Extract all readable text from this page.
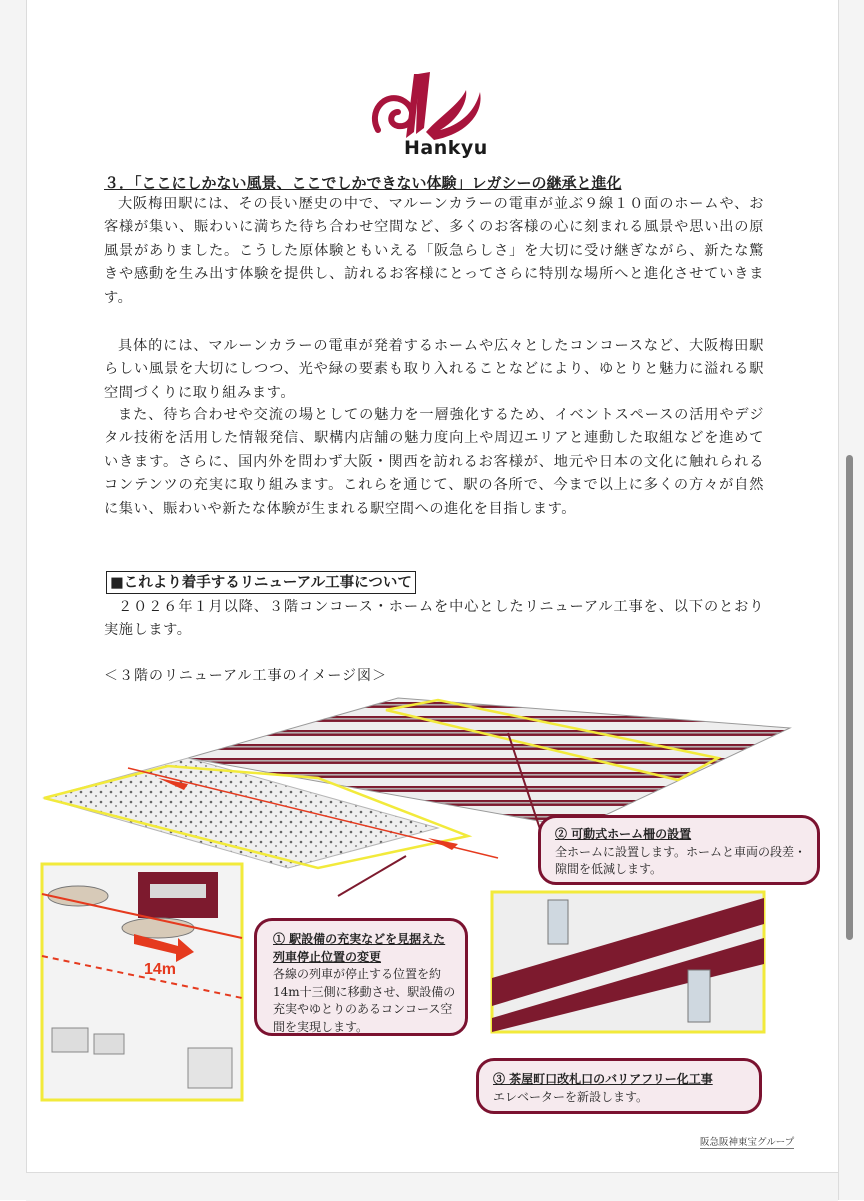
Hankyu
３．「ここにしかない風景、ここでしかできない体験」レガシーの継承と進化
大阪梅田駅には、その長い歴史の中で、マルーンカラーの電車が並ぶ９線１０面のホームや、お客様が集い、賑わいに満ちた待ち合わせ空間など、多くのお客様の心に刻まれる風景や思い出の原風景がありました。こうした原体験ともいえる「阪急らしさ」を大切に受け継ぎながら、新たな驚きや感動を生み出す体験を提供し、訪れるお客様にとってさらに特別な場所へと進化させていきます。
具体的には、マルーンカラーの電車が発着するホームや広々としたコンコースなど、大阪梅田駅らしい風景を大切にしつつ、光や緑の要素も取り入れることなどにより、ゆとりと魅力に溢れる駅空間づくりに取り組みます。
また、待ち合わせや交流の場としての魅力を一層強化するため、イベントスペースの活用やデジタル技術を活用した情報発信、駅構内店舗の魅力度向上や周辺エリアと連動した取組などを進めていきます。さらに、国内外を問わず大阪・関西を訪れるお客様が、地元や日本の文化に触れられるコンテンツの充実に取り組みます。これらを通じて、駅の各所で、今まで以上に多くの方々が自然に集い、賑わいや新たな体験が生まれる駅空間への進化を目指します。
■これより着手するリニューアル工事について
２０２６年１月以降、３階コンコース・ホームを中心としたリニューアル工事を、以下のとおり実施します。
＜３階のリニューアル工事のイメージ図＞
14m
① 駅設備の充実などを見据えた列車停止位置の変更
各線の列車が停止する位置を約 14m十三側に移動させ、駅設備の充実やゆとりのあるコンコース空間を実現します。
② 可動式ホーム柵の設置
全ホームに設置します。ホームと車両の段差・隙間を低減します。
③ 茶屋町口改札口のバリアフリー化工事
エレベーターを新設します。
阪急阪神東宝グループ
